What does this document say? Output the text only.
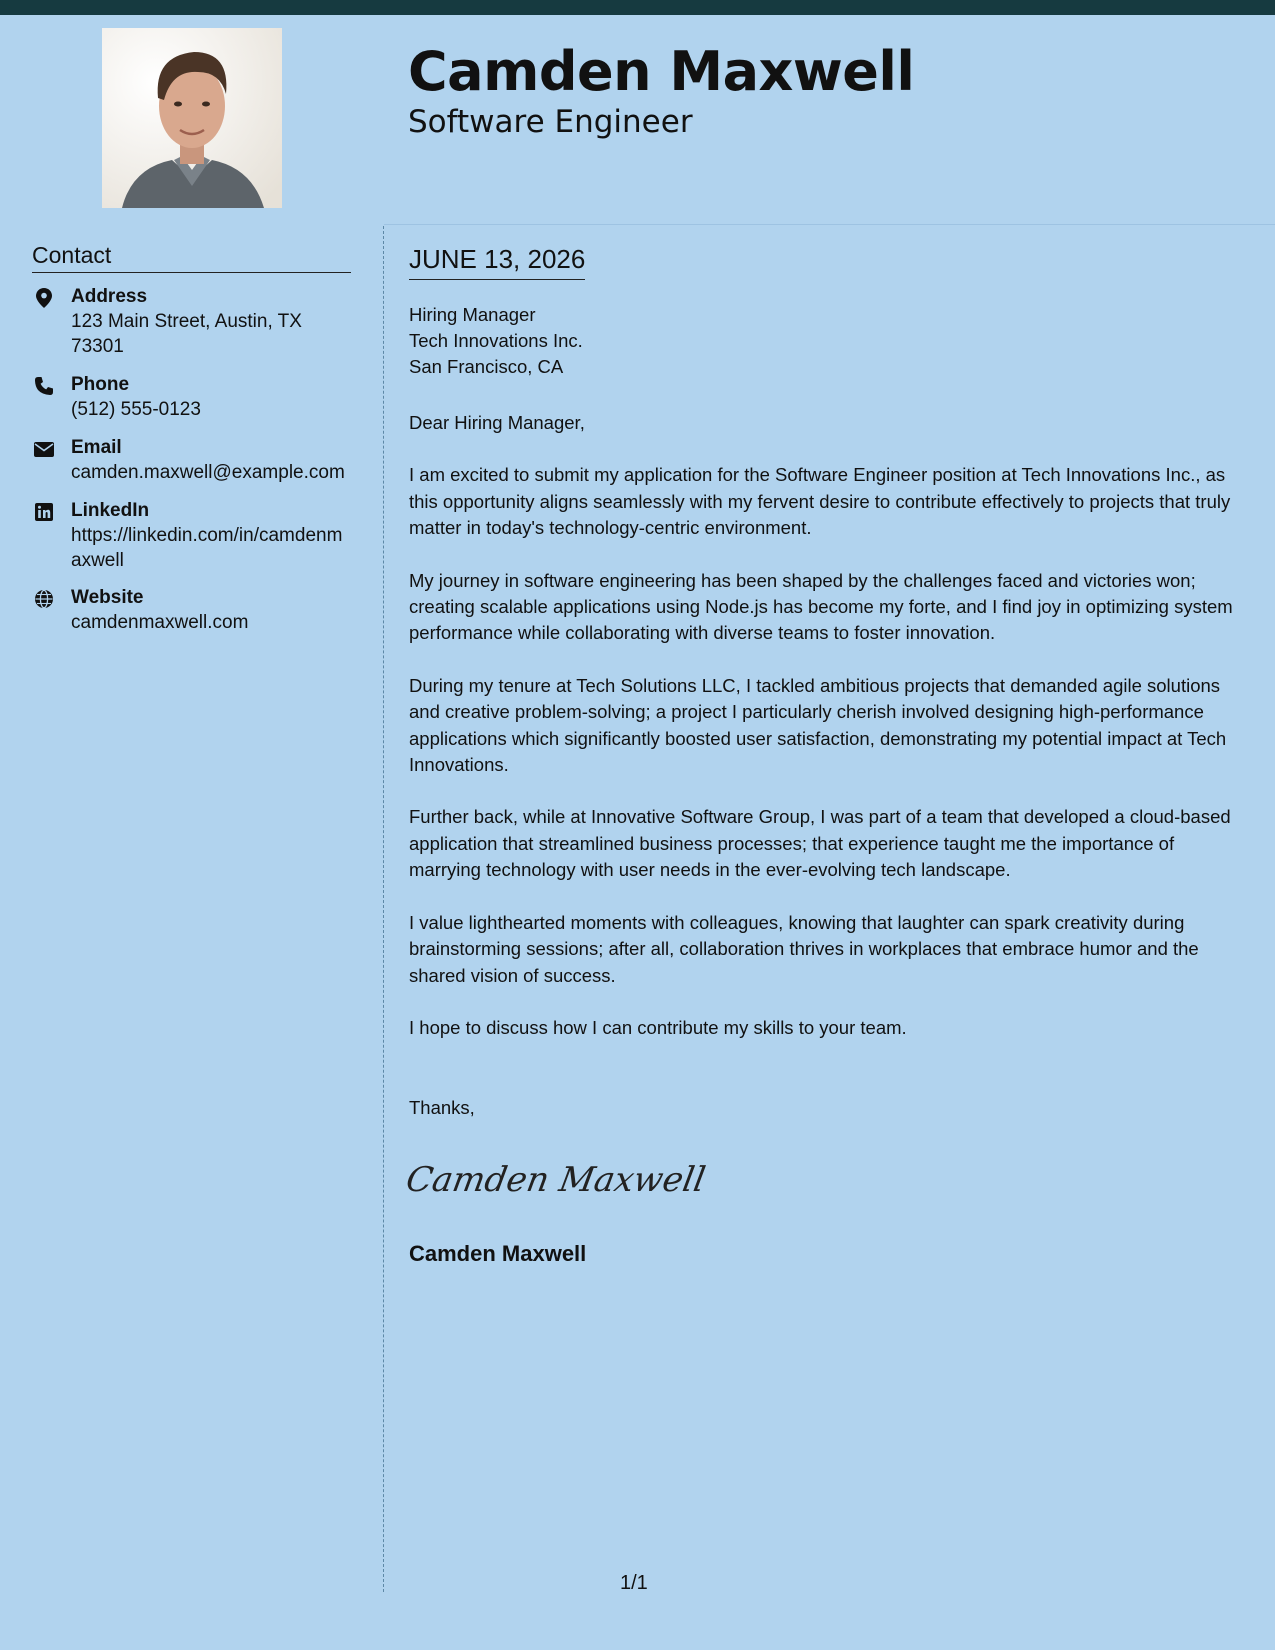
Camden Maxwell
Software Engineer
Contact
Address
123 Main Street, Austin, TX 73301
Phone
(512) 555-0123
Email
camden.maxwell@example.com
LinkedIn
https://linkedin.com/in/camdenmaxwell
Website
camdenmaxwell.com
JUNE 13, 2026
Hiring Manager
Tech Innovations Inc.
San Francisco, CA

Dear Hiring Manager,

I am excited to submit my application for the Software Engineer position at Tech Innovations Inc., as this opportunity aligns seamlessly with my fervent desire to contribute effectively to projects that truly matter in today's technology-centric environment.

My journey in software engineering has been shaped by the challenges faced and victories won; creating scalable applications using Node.js has become my forte, and I find joy in optimizing system performance while collaborating with diverse teams to foster innovation.

During my tenure at Tech Solutions LLC, I tackled ambitious projects that demanded agile solutions and creative problem-solving; a project I particularly cherish involved designing high-performance applications which significantly boosted user satisfaction, demonstrating my potential impact at Tech Innovations.

Further back, while at Innovative Software Group, I was part of a team that developed a cloud-based application that streamlined business processes; that experience taught me the importance of marrying technology with user needs in the ever-evolving tech landscape.

I value lighthearted moments with colleagues, knowing that laughter can spark creativity during brainstorming sessions; after all, collaboration thrives in workplaces that embrace humor and the shared vision of success.

I hope to discuss how I can contribute my skills to your team.

Thanks,
Camden Maxwell
Camden Maxwell
1/1
